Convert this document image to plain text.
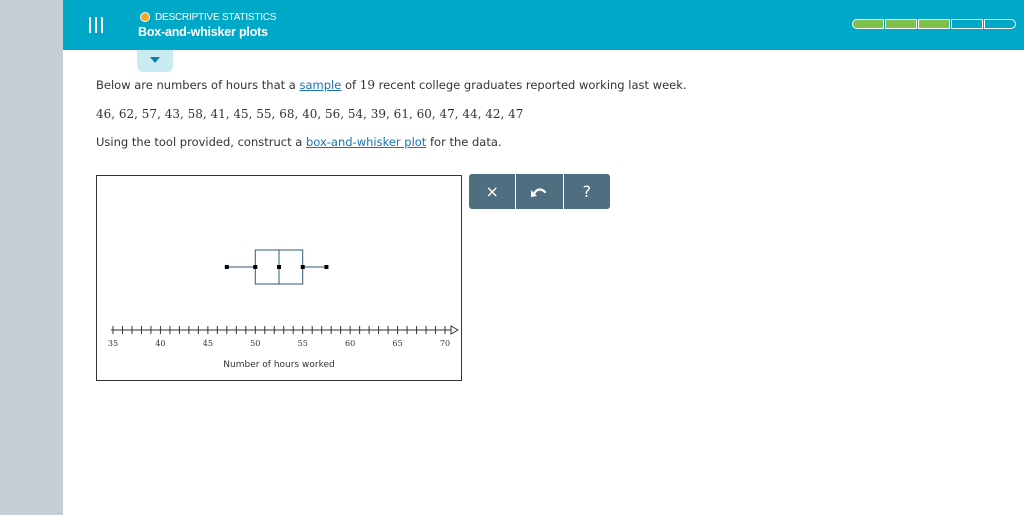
DESCRIPTIVE STATISTICS
Box-and-whisker plots
Below are numbers of hours that a sample of 19 recent college graduates reported working last week.
46, 62, 57, 43, 58, 41, 45, 55, 68, 40, 56, 54, 39, 61, 60, 47, 44, 42, 47
Using the tool provided, construct a box-and-whisker plot for the data.
35	40	45	50	55	60	65	70
Number of hours worked
×	?
